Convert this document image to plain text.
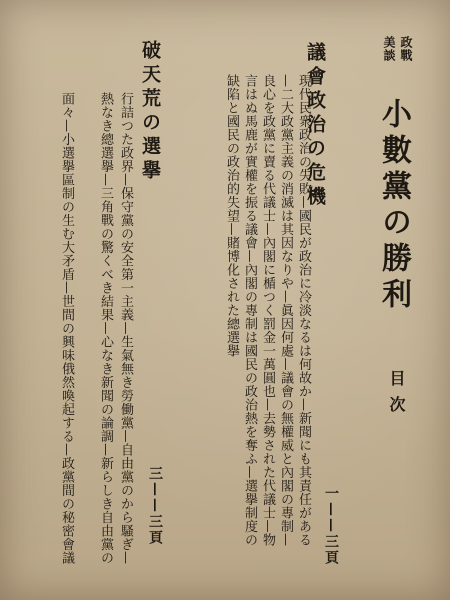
政戰
美談
小數黨の勝利
目次
議會政治の危機
現代民衆政治の失敗—國民が政治に冷淡なるは何故か—新聞にも其責任がある
—二大政黨主義の消滅は其因なりや—眞因何處—議會の無權威と內閣の專制—
良心を政黨に賣る代議士—內閣に楯つく罰金一萬圓也—去勢された代議士—物
言はぬ馬鹿が實權を振る議會—內閣の專制は國民の政治熱を奪ふ—選擧制度の
缺陷と國民の政治的失望—賭博化された總選擧
一——三頁
破天荒の選擧
行詰つた政界—保守黨の安全第一主義—生氣無き勞働黨—自由黨のから騷ぎ—
熱なき總選擧—三角戰の驚くべき結果—心なき新聞の論調—新らしき自由黨の
面々—小選擧區制の生む大矛盾—世間の興味俄然喚起する—政黨間の秘密會議	三——三頁
